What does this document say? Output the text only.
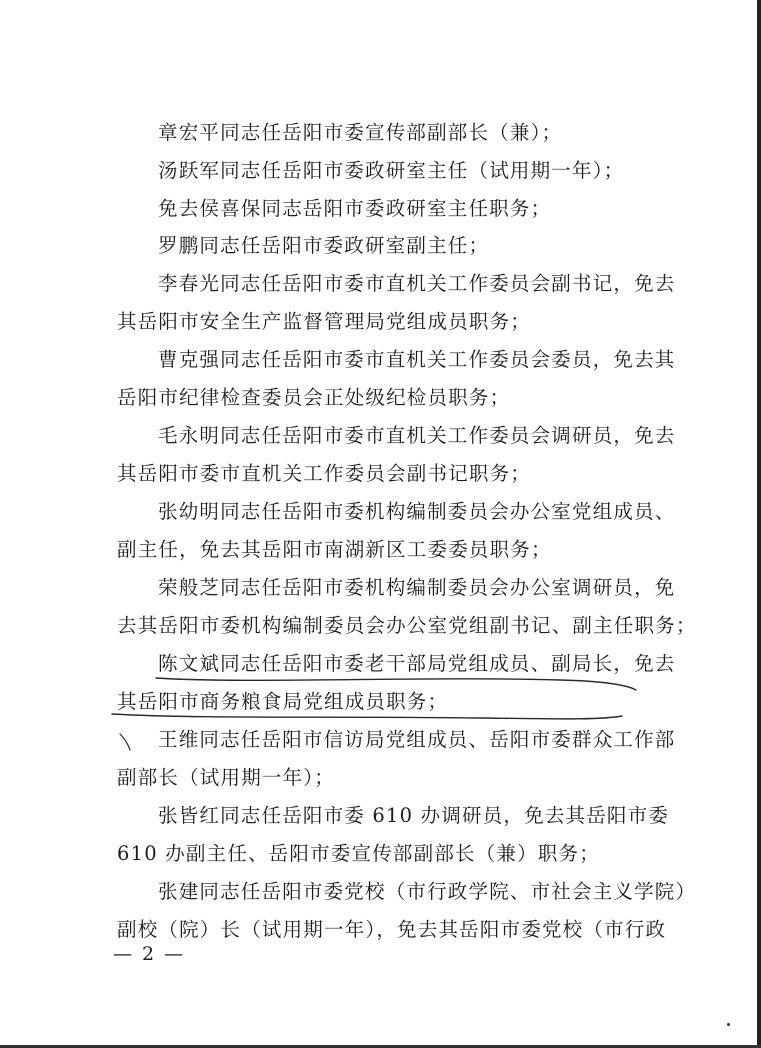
章宏平同志任岳阳市委宣传部副部长（兼）；
汤跃军同志任岳阳市委政研室主任（试用期一年）；
免去侯喜保同志岳阳市委政研室主任职务；
罗鹏同志任岳阳市委政研室副主任；
李春光同志任岳阳市委市直机关工作委员会副书记，免去
其岳阳市安全生产监督管理局党组成员职务；
曹克强同志任岳阳市委市直机关工作委员会委员，免去其
岳阳市纪律检查委员会正处级纪检员职务；
毛永明同志任岳阳市委市直机关工作委员会调研员，免去
其岳阳市委市直机关工作委员会副书记职务；
张幼明同志任岳阳市委机构编制委员会办公室党组成员、
副主任，免去其岳阳市南湖新区工委委员职务；
荣般芝同志任岳阳市委机构编制委员会办公室调研员，免
去其岳阳市委机构编制委员会办公室党组副书记、副主任职务；
陈文斌同志任岳阳市委老干部局党组成员、副局长，免去
其岳阳市商务粮食局党组成员职务；
王维同志任岳阳市信访局党组成员、岳阳市委群众工作部
副部长（试用期一年）；
张皆红同志任岳阳市委 610 办调研员，免去其岳阳市委
610 办副主任、岳阳市委宣传部副部长（兼）职务；
张建同志任岳阳市委党校（市行政学院、市社会主义学院）
副校（院）长（试用期一年），免去其岳阳市委党校（市行政
— 2 —
